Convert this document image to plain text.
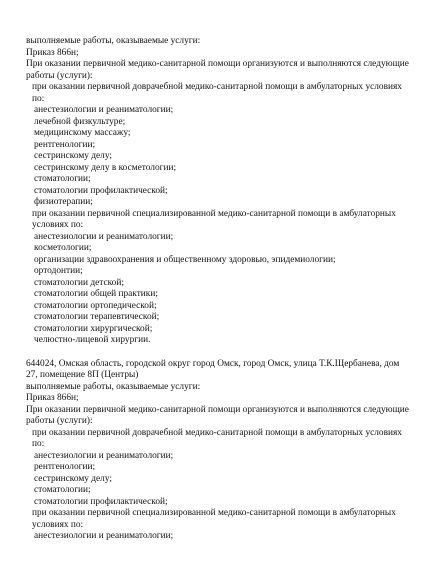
выполняемые работы, оказываемые услуги:
Приказ 866н;
При оказании первичной медико-санитарной помощи организуются и выполняются следующие работы (услуги):
при оказании первичной доврачебной медико-санитарной помощи в амбулаторных условиях по:
анестезиологии и реаниматологии;
лечебной физкультуре;
медицинскому массажу;
рентгенологии;
сестринскому делу;
сестринскому делу в косметологии;
стоматологии;
стоматологии профилактической;
физиотерапии;
при оказании первичной специализированной медико-санитарной помощи в амбулаторных условиях по:
анестезиологии и реаниматологии;
косметологии;
организации здравоохранения и общественному здоровью, эпидемиологии;
ортодонтии;
стоматологии детской;
стоматологии общей практики;
стоматологии ортопедической;
стоматологии терапевтической;
стоматологии хирургической;
челюстно-лицевой хирургии.
644024, Омская область, городской округ город Омск, город Омск, улица Т.К.Щербанева, дом 27, помещение 8П (Центры)
выполняемые работы, оказываемые услуги:
Приказ 866н;
При оказании первичной медико-санитарной помощи организуются и выполняются следующие работы (услуги):
при оказании первичной доврачебной медико-санитарной помощи в амбулаторных условиях по:
анестезиологии и реаниматологии;
рентгенологии;
сестринскому делу;
стоматологии;
стоматологии профилактической;
при оказании первичной специализированной медико-санитарной помощи в амбулаторных условиях по:
анестезиологии и реаниматологии;
